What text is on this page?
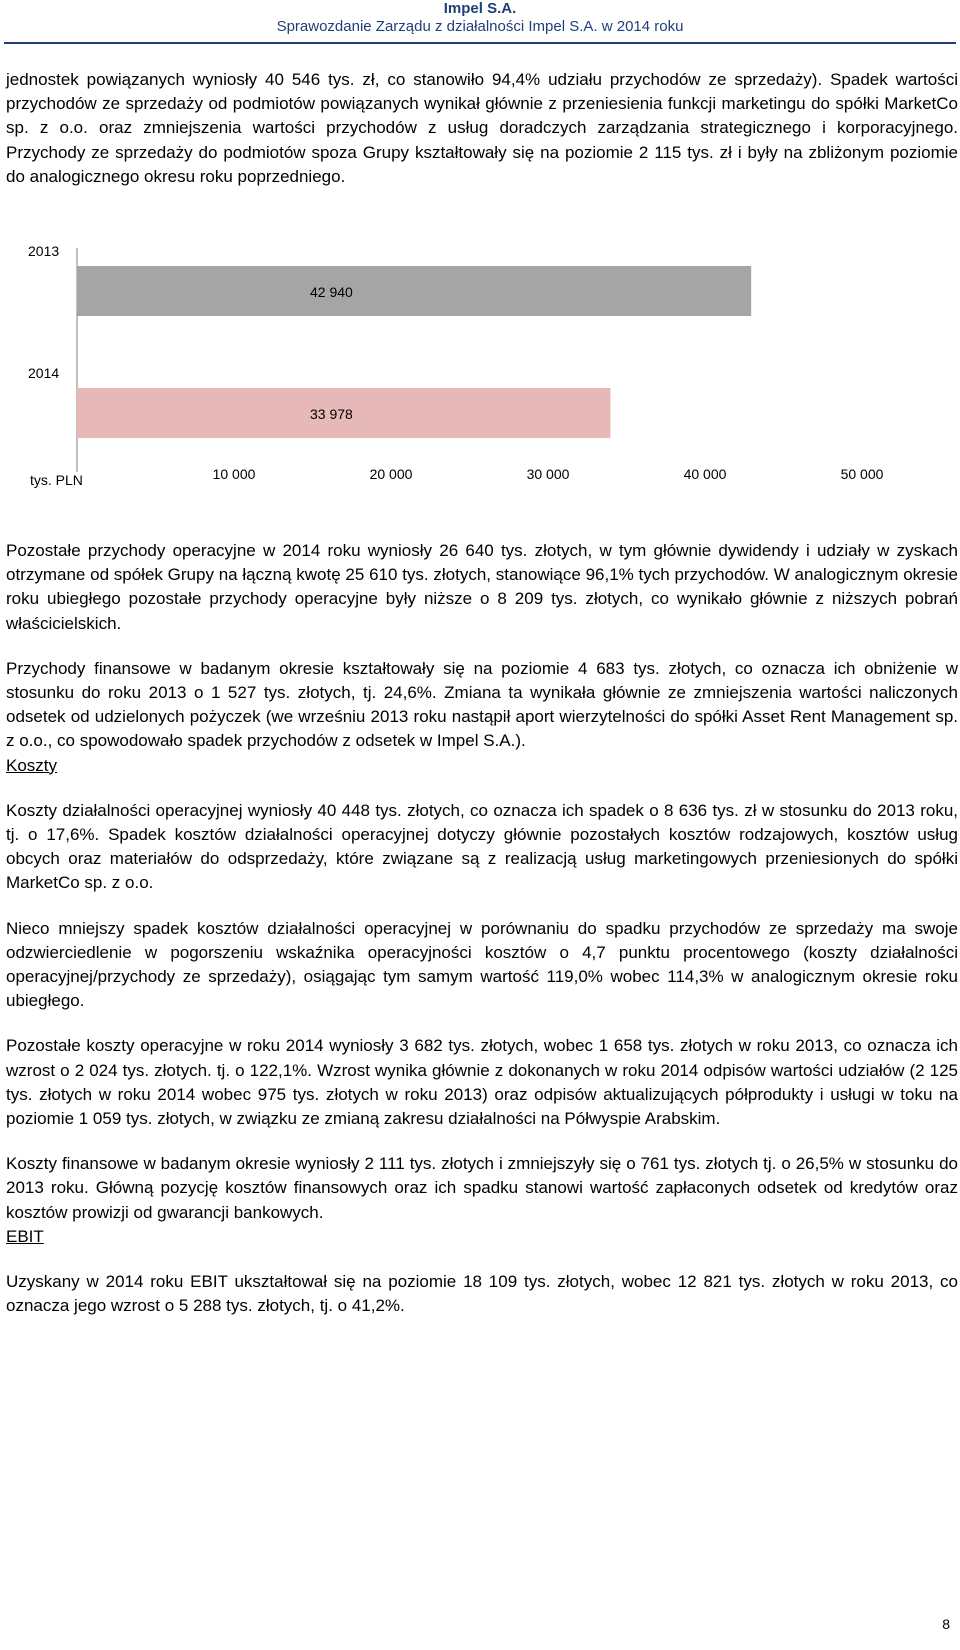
Impel S.A.
Sprawozdanie Zarządu z działalności Impel S.A. w 2014 roku

jednostek powiązanych wyniosły 40 546 tys. zł, co stanowiło 94,4% udziału przychodów ze sprzedaży). Spadek wartości przychodów ze sprzedaży od podmiotów powiązanych wynikał głównie z przeniesienia funkcji marketingu do spółki MarketCo sp. z o.o. oraz zmniejszenia wartości przychodów z usług doradczych zarządzania strategicznego i korporacyjnego. Przychody ze sprzedaży do podmiotów spoza Grupy kształtowały się na poziomie 2 115 tys. zł i były na zbliżonym poziomie do analogicznego okresu roku poprzedniego.

2013
42 940
2014
33 978
10 000	20 000	30 000	40 000	50 000
tys. PLN

Pozostałe przychody operacyjne w 2014 roku wyniosły 26 640 tys. złotych, w tym głównie dywidendy i udziały w zyskach otrzymane od spółek Grupy na łączną kwotę 25 610 tys. złotych, stanowiące 96,1% tych przychodów. W analogicznym okresie roku ubiegłego pozostałe przychody operacyjne były niższe o 8 209 tys. złotych, co wynikało głównie z niższych pobrań właścicielskich.

Przychody finansowe w badanym okresie kształtowały się na poziomie 4 683 tys. złotych, co oznacza ich obniżenie w stosunku do roku 2013 o 1 527 tys. złotych, tj. 24,6%. Zmiana ta wynikała głównie ze zmniejszenia wartości naliczonych odsetek od udzielonych pożyczek (we wrześniu 2013 roku nastąpił aport wierzytelności do spółki Asset Rent Management sp. z o.o., co spowodowało spadek przychodów z odsetek w Impel S.A.).

Koszty

Koszty działalności operacyjnej wyniosły 40 448 tys. złotych, co oznacza ich spadek o 8 636 tys. zł w stosunku do 2013 roku, tj. o 17,6%. Spadek kosztów działalności operacyjnej dotyczy głównie pozostałych kosztów rodzajowych, kosztów usług obcych oraz materiałów do odsprzedaży, które związane są z realizacją usług marketingowych przeniesionych do spółki MarketCo sp. z o.o.

Nieco mniejszy spadek kosztów działalności operacyjnej w porównaniu do spadku przychodów ze sprzedaży ma swoje odzwierciedlenie w pogorszeniu wskaźnika operacyjności kosztów o 4,7 punktu procentowego (koszty działalności operacyjnej/przychody ze sprzedaży), osiągając tym samym wartość 119,0% wobec 114,3% w analogicznym okresie roku ubiegłego.

Pozostałe koszty operacyjne w roku 2014 wyniosły 3 682 tys. złotych, wobec 1 658 tys. złotych w roku 2013, co oznacza ich wzrost o 2 024 tys. złotych. tj. o 122,1%. Wzrost wynika głównie z dokonanych w roku 2014 odpisów wartości udziałów (2 125 tys. złotych w roku 2014 wobec 975 tys. złotych w roku 2013) oraz odpisów aktualizujących półprodukty i usługi w toku na poziomie 1 059 tys. złotych, w związku ze zmianą zakresu działalności na Półwyspie Arabskim.

Koszty finansowe w badanym okresie wyniosły 2 111 tys. złotych i zmniejszyły się o 761 tys. złotych tj. o 26,5% w stosunku do 2013 roku. Główną pozycję kosztów finansowych oraz ich spadku stanowi wartość zapłaconych odsetek od kredytów oraz kosztów prowizji od gwarancji bankowych.

EBIT

Uzyskany w 2014 roku EBIT ukształtował się na poziomie 18 109 tys. złotych, wobec 12 821 tys. złotych w roku 2013, co oznacza jego wzrost o 5 288 tys. złotych, tj. o 41,2%.

8
